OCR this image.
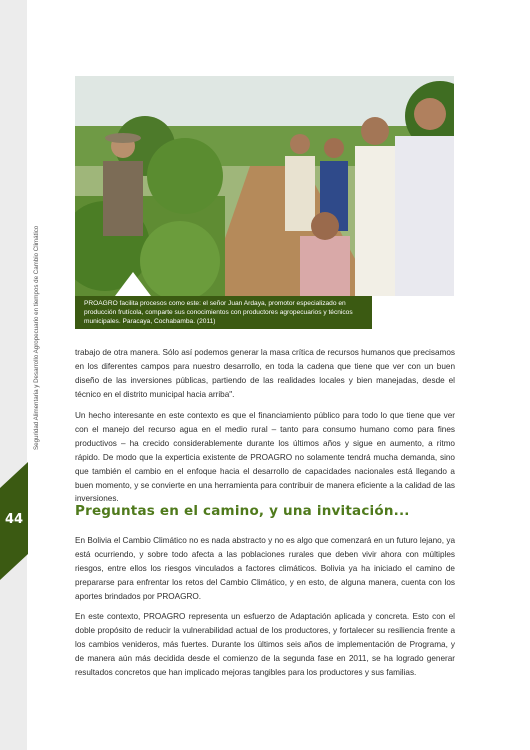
Seguridad Alimentaria y Desarrollo Agropecuario en tiempos de Cambio Climático
44
PROAGRO facilita procesos como este: el señor Juan Ardaya, promotor especializado en producción frutícola, comparte sus conocimientos con productores agropecuarios y técnicos municipales. Paracaya, Cochabamba. (2011)
trabajo de otra manera. Sólo así podemos generar la masa crítica de recursos humanos que precisamos en los diferentes campos para nuestro desarrollo, en toda la cadena que tiene que ver con un buen diseño de las inversiones públicas, partiendo de las realidades locales y bien manejadas, desde el técnico en el distrito municipal hacia arriba".
Un hecho interesante en este contexto es que el financiamiento público para todo lo que tiene que ver con el manejo del recurso agua en el medio rural – tanto para consumo humano como para fines productivos – ha crecido considerablemente durante los últimos años y sigue en aumento, a ritmo rápido. De modo que la experticia existente de PROAGRO no solamente tendrá mucha demanda, sino que también el cambio en el enfoque hacia el desarrollo de capacidades nacionales está llegando a buen momento, y se convierte en una herramienta para contribuir de manera eficiente a la calidad de las inversiones.
Preguntas en el camino, y una invitación...
En Bolivia el Cambio Climático no es nada abstracto y no es algo que comenzará en un futuro lejano, ya está ocurriendo, y sobre todo afecta a las poblaciones rurales que deben vivir ahora con múltiples riesgos, entre ellos los riesgos vinculados a factores climáticos. Bolivia ya ha iniciado el camino de prepararse para enfrentar los retos del Cambio Climático, y en esto, de alguna manera, cuenta con los aportes brindados por PROAGRO.
En este contexto, PROAGRO representa un esfuerzo de Adaptación aplicada y concreta. Esto con el doble propósito de reducir la vulnerabilidad actual de los productores, y fortalecer su resiliencia frente a los cambios venideros, más fuertes. Durante los últimos seis años de implementación de Programa, y de manera aún más decidida desde el comienzo de la segunda fase en 2011, se ha logrado generar resultados concretos que han implicado mejoras tangibles para los productores y sus familias.
